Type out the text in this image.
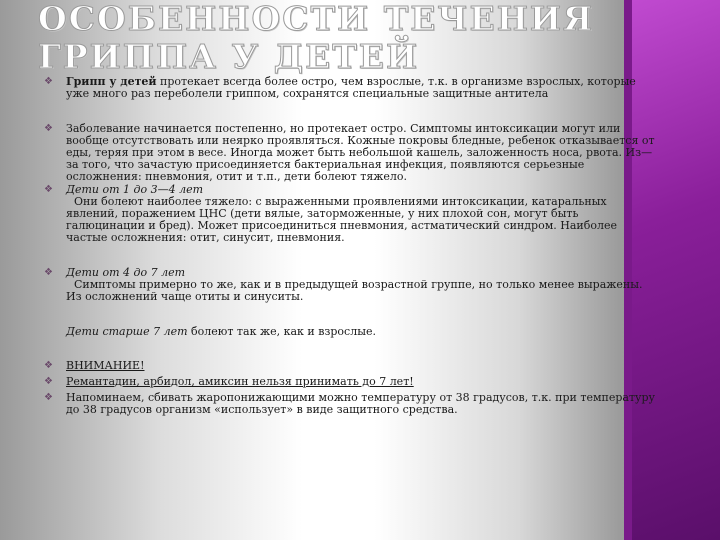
ОСОБЕННОСТИ ТЕЧЕНИЯ ГРИППА У ДЕТЕЙ
❖ Грипп у детей протекает всегда более остро, чем взрослые, т.к. в организме взрослых, которые уже много раз переболели гриппом, сохранятся специальные защитные антитела
❖ Заболевание начинается постепенно, но протекает остро. Симптомы интоксикации могут или вообще отсутствовать или неярко проявляться. Кожные покровы бледные, ребенок отказывается от еды, теряя при этом в весе. Иногда может быть небольшой кашель, заложенность носа, рвота. Из—за того, что зачастую присоединяется бактериальная инфекция, появляются серьезные осложнения: пневмония, отит и т.п., дети болеют тяжело.
❖ Дети от 1 до 3—4 лет
Они болеют наиболее тяжело: с выраженными проявлениями интоксикации, катаральных явлений, поражением ЦНС (дети вялые, заторможенные, у них плохой сон, могут быть галюцинации и бред). Может присоединиться пневмония, астматический синдром. Наиболее частые осложнения: отит, синусит, пневмония.
❖ Дети от 4 до 7 лет
Симптомы примерно то же, как и в предыдущей возрастной группе, но только менее выражены. Из осложнений чаще отиты и синуситы.
Дети старше 7 лет болеют так же, как и взрослые.
❖ ВНИМАНИЕ!
❖ Ремантадин, арбидол, амиксин нельзя принимать до 7 лет!
❖ Напоминаем, сбивать жаропонижающими можно температуру от 38 градусов, т.к. при температуру до 38 градусов организм «использует» в виде защитного средства.
